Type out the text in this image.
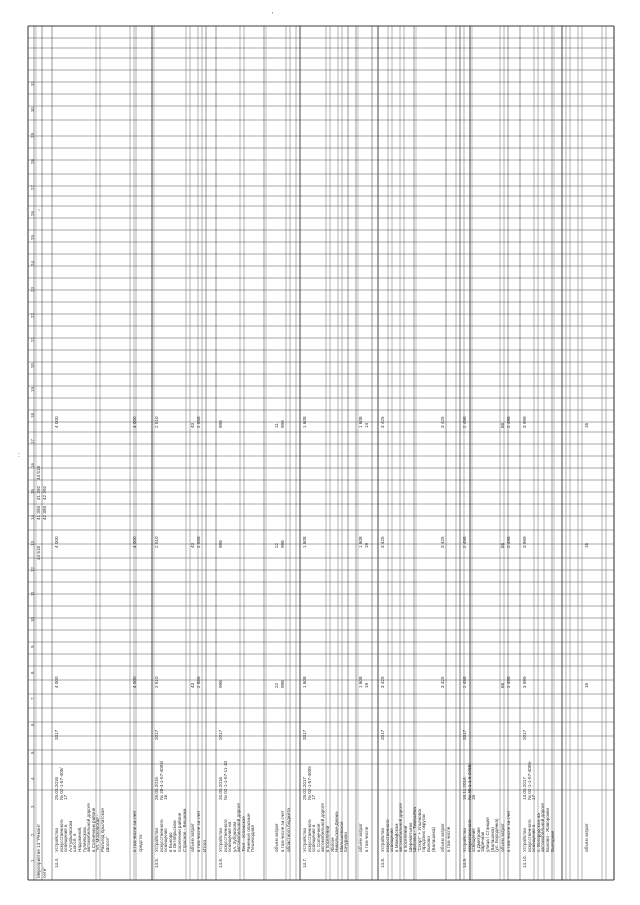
1
2
3
4
5
6
7
8
9
10
11
12
13
14
15
16
17
18
19
20
21
22
23
24
25
26
27
28
29
30
31
Мероприятие 14 "Ремонт сети"
44 518
44 518
41 392
41 393
42 392
42 393
14.4.
Устройство искусственного освещения в Алтуфьевском шоссе, в Надыкиной, Гуляевском, автомобильной дороге в Солнечном районе "Ул. Московская - Разъезд Крылатское Шоссе"
25.03.2016 № 02-1-57-405/ 17
2017
4 000
4 000
4 000
в том числе за счет
4 000
4 000
4 000
средств:
14.5.
Устройство искусственного освещения в Быково в Октябрьском поселении районе Страсное - Вешняки
26.05.2015 № 20-4-1-57-4005/ 16
2017
2 510
2 510
2 510
объем затрат
43
43
43
в том числе за счет
2 858
2 558
2 558
Итого
14.6.
Устройство искусственного освещения на ул. Зубовском автомобильной дороге Тент - Успенское Раненые опасные Пешеходная
20.05.2016 № 02-1-1-57-11-10
2017
998
998
998
объем затрат
22
22
11
в том числе за счет
998
998
998
областного бюджета
14.7.
Устройство искусственного освещения в п. Солнечное автомобильной дороге в поселении Жилое Никольское-Деяна- Малышевское Кочурино
28.02.2017 № 02-1-57-4005 17
2017
1 608
1 608
1 608
объем затрат
1 608
1 608
1 608
в том числе
19
19
14
14.8.
Устройство искусственного освещения в Можайском автомобильной дороге в поселении Шереметьево Шиловск - Тимашёва "Спорт" + Ульяновск городских округах Быково (Балашиха)
2017
3 425
3 425
3 425
объем затрат
3 425
3 425
3 425
в том числе
14.9.
Устройство искусственного освещения в Дмитрове Заречная улица / Станция (Балашиха) (ул. Бороденка)
16.11.2016 № 40-1-1-6-0468/ 16
2017
2 498
2 498
2 498
объем затрат
68
68
68
в том числе за счет
2 498
2 498
2 498
14.10.
Устройство искусственного освещения в п. Богородском на автомобильной дороге Быково - Жаворонки Выездная
13.05.2017 № 02-1-1-57-4006- 17
2017
3 999
3 999
3 999
объем затрат
16
16
16
:
'
,
